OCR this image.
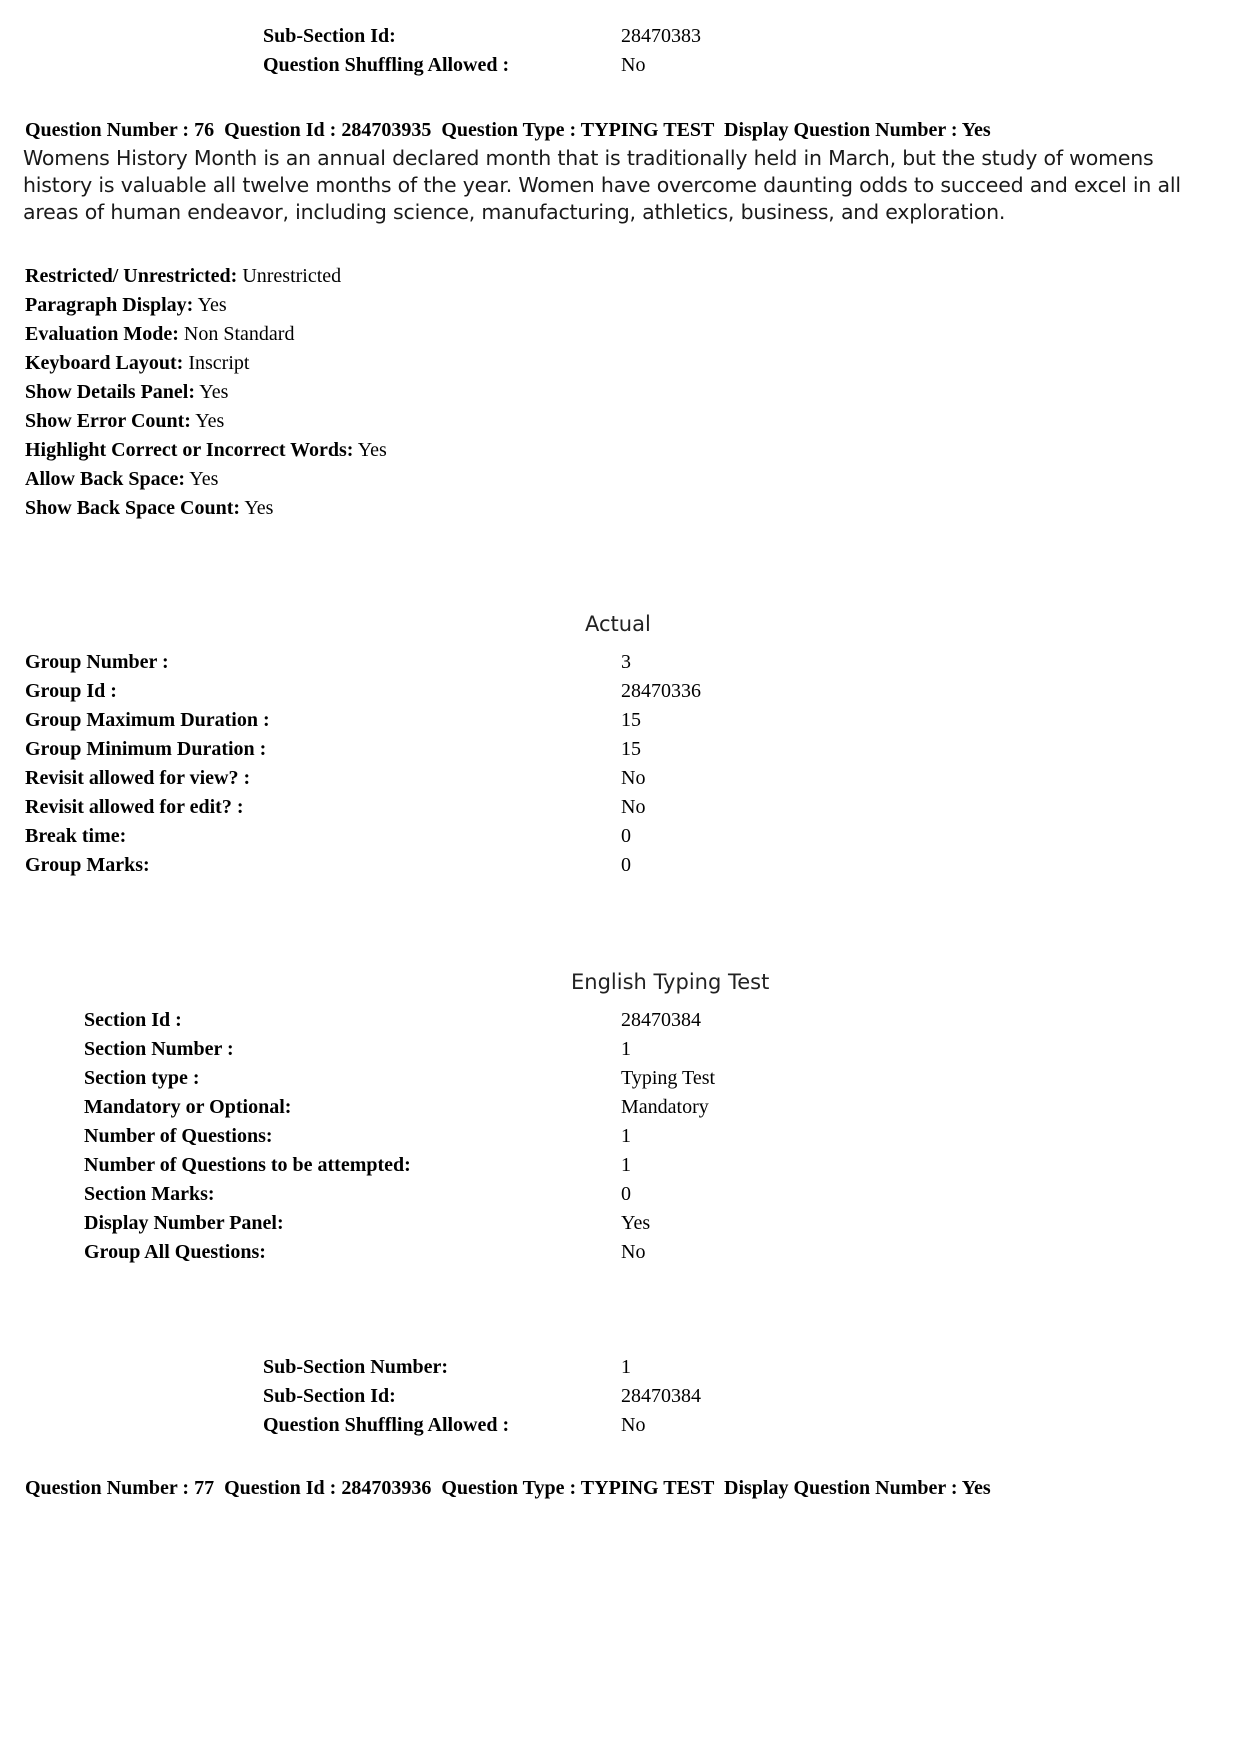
Sub-Section Id:	28470383
Question Shuffling Allowed :	No
Question Number : 76  Question Id : 284703935  Question Type : TYPING TEST  Display Question Number : Yes
Womens History Month is an annual declared month that is traditionally held in March, but the study of womens history is valuable all twelve months of the year. Women have overcome daunting odds to succeed and excel in all areas of human endeavor, including science, manufacturing, athletics, business, and exploration.
Restricted/ Unrestricted: Unrestricted
Paragraph Display: Yes
Evaluation Mode: Non Standard
Keyboard Layout: Inscript
Show Details Panel: Yes
Show Error Count: Yes
Highlight Correct or Incorrect Words: Yes
Allow Back Space: Yes
Show Back Space Count: Yes
Actual
Group Number :	3
Group Id :	28470336
Group Maximum Duration :	15
Group Minimum Duration :	15
Revisit allowed for view? :	No
Revisit allowed for edit? :	No
Break time:	0
Group Marks:	0
English Typing Test
Section Id :	28470384
Section Number :	1
Section type :	Typing Test
Mandatory or Optional:	Mandatory
Number of Questions:	1
Number of Questions to be attempted:	1
Section Marks:	0
Display Number Panel:	Yes
Group All Questions:	No
Sub-Section Number:	1
Sub-Section Id:	28470384
Question Shuffling Allowed :	No
Question Number : 77  Question Id : 284703936  Question Type : TYPING TEST  Display Question Number : Yes
